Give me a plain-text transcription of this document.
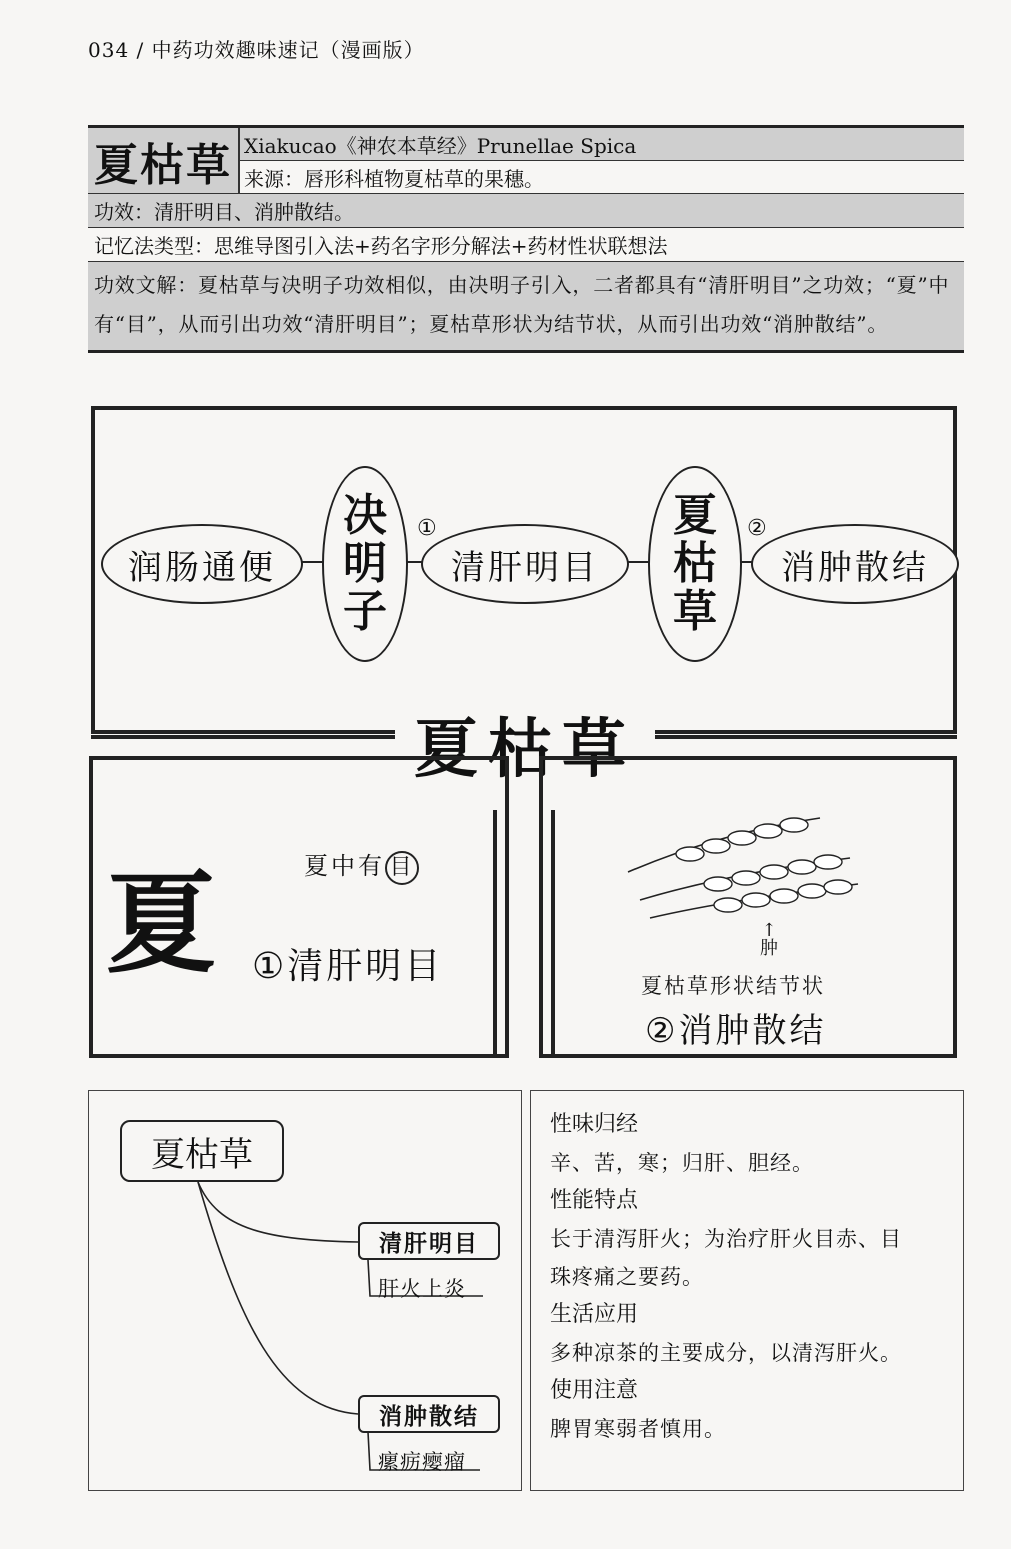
034 / 中药功效趣味速记（漫画版）
夏枯草 Xiakucao《神农本草经》Prunellae Spica
来源：唇形科植物夏枯草的果穗。
功效：清肝明目、消肿散结。
记忆法类型：思维导图引入法+药名字形分解法+药材性状联想法
功效文解：夏枯草与决明子功效相似，由决明子引入，二者都具有“清肝明目”之功效；“夏”中有“目”，从而引出功效“清肝明目”；夏枯草形状为结节状，从而引出功效“消肿散结”。
润肠通便
决
明
子
①
清肝明目
夏
枯
草
②
消肿散结
夏枯草
夏	夏中有 目
①清肝明目
↑
肿
夏枯草形状结节状
②消肿散结
夏枯草
清肝明目
肝火上炎
消肿散结
瘰疬瘿瘤
性味归经
辛、苦，寒；归肝、胆经。
性能特点
长于清泻肝火；为治疗肝火目赤、目
珠疼痛之要药。
生活应用
多种凉茶的主要成分，以清泻肝火。
使用注意
脾胃寒弱者慎用。
